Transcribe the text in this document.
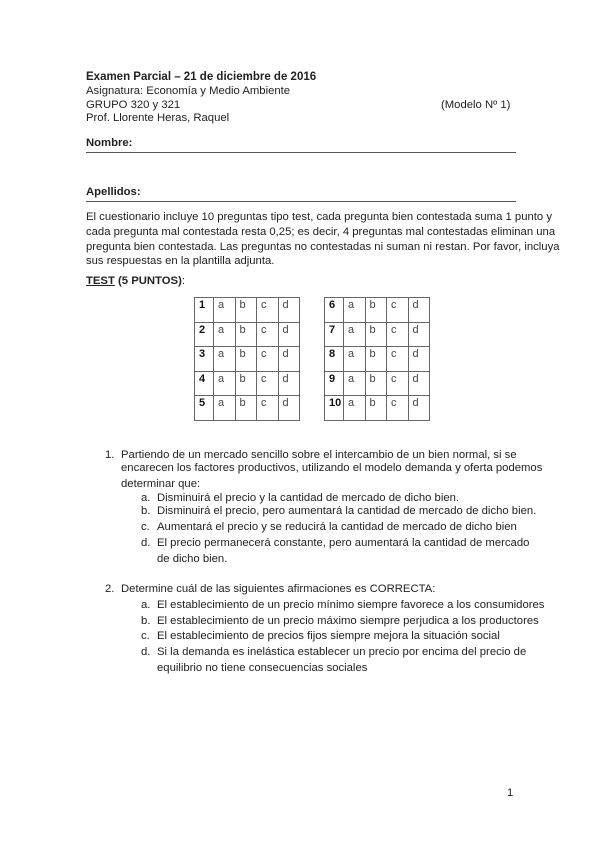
Examen Parcial – 21 de diciembre de 2016
Asignatura: Economía y Medio Ambiente
GRUPO 320 y 321	(Modelo Nº 1)
Prof. Llorente Heras, Raquel
Nombre:
Apellidos:
El cuestionario incluye 10 preguntas tipo test, cada pregunta bien contestada suma 1 punto y
cada pregunta mal contestada resta 0,25; es decir, 4 preguntas mal contestadas eliminan una
pregunta bien contestada. Las preguntas no contestadas ni suman ni restan. Por favor, incluya
sus respuestas en la plantilla adjunta.
TEST (5 PUNTOS):
1	a	b	c	d		6	a	b	c	d
2	a	b	c	d		7	a	b	c	d
3	a	b	c	d		8	a	b	c	d
4	a	b	c	d		9	a	b	c	d
5	a	b	c	d		10	a	b	c	d
1. Partiendo de un mercado sencillo sobre el intercambio de un bien normal, si se
encarecen los factores productivos, utilizando el modelo demanda y oferta podemos
determinar que:
a. Disminuirá el precio y la cantidad de mercado de dicho bien.
b. Disminuirá el precio, pero aumentará la cantidad de mercado de dicho bien.
c. Aumentará el precio y se reducirá la cantidad de mercado de dicho bien
d. El precio permanecerá constante, pero aumentará la cantidad de mercado
de dicho bien.
2. Determine cuál de las siguientes afirmaciones es CORRECTA:
a. El establecimiento de un precio mínimo siempre favorece a los consumidores
b. El establecimiento de un precio máximo siempre perjudica a los productores
c. El establecimiento de precios fijos siempre mejora la situación social
d. Si la demanda es inelástica establecer un precio por encima del precio de
equilibrio no tiene consecuencias sociales
1
